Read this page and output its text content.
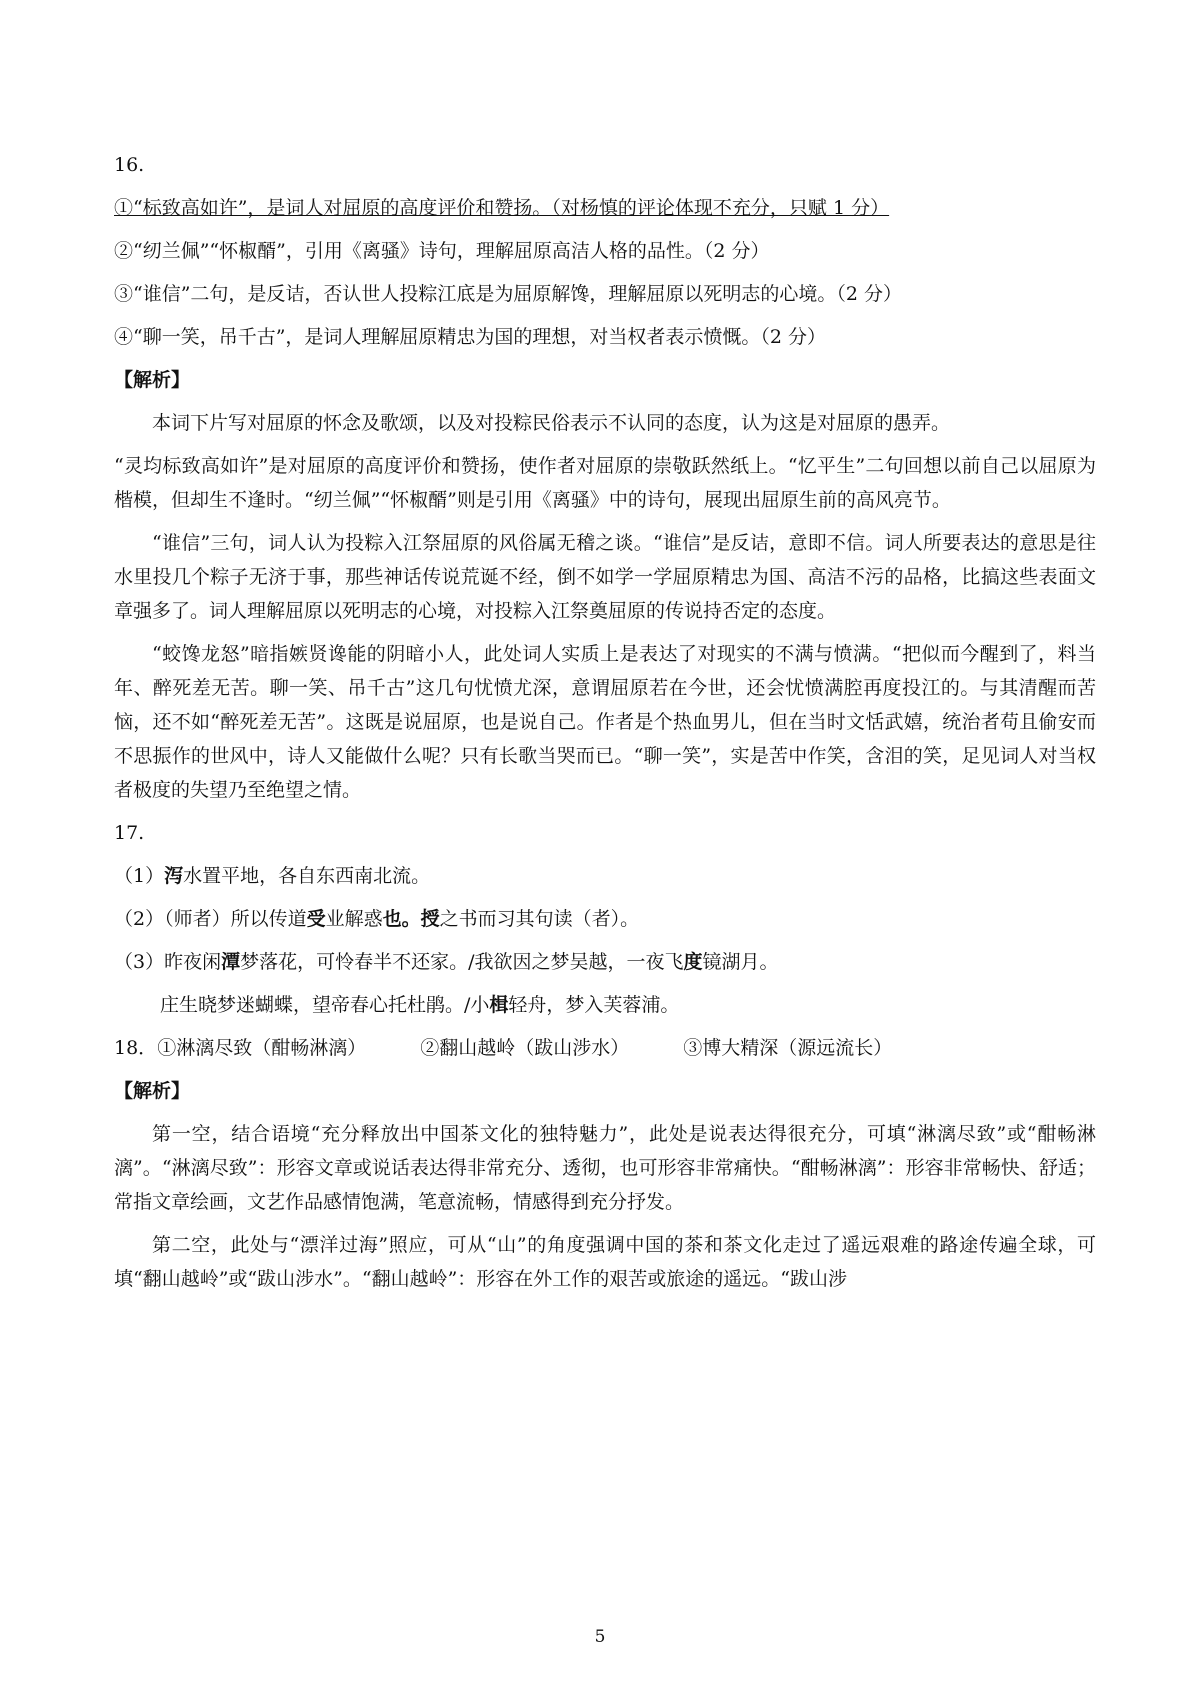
16.
①“标致高如许”，是词人对屈原的高度评价和赞扬。（对杨慎的评论体现不充分，只赋 1 分）
②“纫兰佩”“怀椒醑”，引用《离骚》诗句，理解屈原高洁人格的品性。（2 分）
③“谁信”二句，是反诘，否认世人投粽江底是为屈原解馋，理解屈原以死明志的心境。（2 分）
④“聊一笑，吊千古”，是词人理解屈原精忠为国的理想，对当权者表示愤慨。（2 分）
【解析】

本词下片写对屈原的怀念及歌颂，以及对投粽民俗表示不认同的态度，认为这是对屈原的愚弄。

“灵均标致高如许”是对屈原的高度评价和赞扬，使作者对屈原的崇敬跃然纸上。“忆平生”二句回想以前自己以屈原为楷模，但却生不逢时。“纫兰佩”“怀椒醑”则是引用《离骚》中的诗句，展现出屈原生前的高风亮节。

“谁信”三句，词人认为投粽入江祭屈原的风俗属无稽之谈。“谁信”是反诘，意即不信。词人所要表达的意思是往水里投几个粽子无济于事，那些神话传说荒诞不经，倒不如学一学屈原精忠为国、高洁不污的品格，比搞这些表面文章强多了。词人理解屈原以死明志的心境，对投粽入江祭奠屈原的传说持否定的态度。

“蛟馋龙怒”暗指嫉贤谗能的阴暗小人，此处词人实质上是表达了对现实的不满与愤满。“把似而今醒到了，料当年、醉死差无苦。聊一笑、吊千古”这几句忧愤尤深，意谓屈原若在今世，还会忧愤满腔再度投江的。与其清醒而苦恼，还不如“醉死差无苦”。这既是说屈原，也是说自己。作者是个热血男儿，但在当时文恬武嬉，统治者苟且偷安而不思振作的世风中，诗人又能做什么呢？只有长歌当哭而已。“聊一笑”，实是苦中作笑，含泪的笑，足见词人对当权者极度的失望乃至绝望之情。

17.
（1）泻水置平地，各自东西南北流。
（2）（师者）所以传道受业解惑也。授之书而习其句读（者）。
（3）昨夜闲潭梦落花，可怜春半不还家。/我欲因之梦吴越，一夜飞度镜湖月。
庄生晓梦迷蝴蝶，望帝春心托杜鹃。/小楫轻舟，梦入芙蓉浦。
18．①淋漓尽致（酣畅淋漓）	②翻山越岭（跋山涉水）	③博大精深（源远流长）
【解析】

第一空，结合语境“充分释放出中国茶文化的独特魅力”，此处是说表达得很充分，可填“淋漓尽致”或“酣畅淋漓”。“淋漓尽致”：形容文章或说话表达得非常充分、透彻，也可形容非常痛快。“酣畅淋漓”：形容非常畅快、舒适；常指文章绘画，文艺作品感情饱满，笔意流畅，情感得到充分抒发。

第二空，此处与“漂洋过海”照应，可从“山”的角度强调中国的茶和茶文化走过了遥远艰难的路途传遍全球，可填“翻山越岭”或“跋山涉水”。“翻山越岭”：形容在外工作的艰苦或旅途的遥远。“跋山涉

5
